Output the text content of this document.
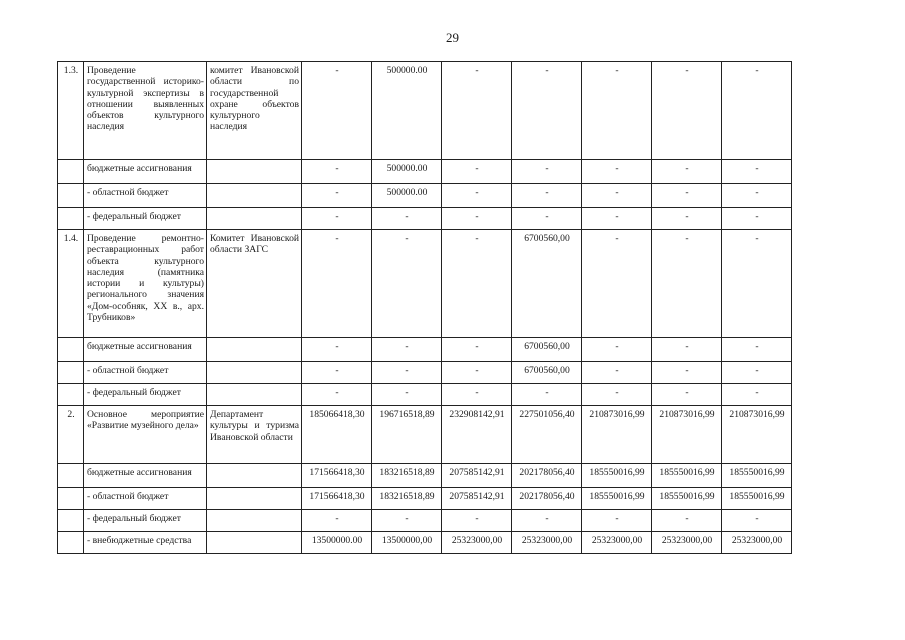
29
1.3.	Проведение государственной историко-культурной экспертизы в отношении выявленных объектов культурного наследия	комитет Ивановской области по государственной охране объектов культурного наследия	-	500000.00	-	-	-	-	-
	бюджетные ассигнования		-	500000.00	-	-	-	-	-
	- областной бюджет		-	500000.00	-	-	-	-	-
	- федеральный бюджет		-	-	-	-	-	-	-
1.4.	Проведение ремонтно-реставрационных работ объекта культурного наследия (памятника истории и культуры) регионального значения «Дом-особняк, XX в., арх. Трубников»	Комитет Ивановской области ЗАГС	-	-	-	6700560,00	-	-	-
	бюджетные ассигнования		-	-	-	6700560,00	-	-	-
	- областной бюджет		-	-	-	6700560,00	-	-	-
	- федеральный бюджет		-	-	-	-	-	-	-
2.	Основное мероприятие «Развитие музейного дела»	Департамент культуры и туризма Ивановской области	185066418,30	196716518,89	232908142,91	227501056,40	210873016,99	210873016,99	210873016,99
	бюджетные ассигнования		171566418,30	183216518,89	207585142,91	202178056,40	185550016,99	185550016,99	185550016,99
	- областной бюджет		171566418,30	183216518,89	207585142,91	202178056,40	185550016,99	185550016,99	185550016,99
	- федеральный бюджет		-	-	-	-	-	-	-
	- внебюджетные средства		13500000.00	13500000,00	25323000,00	25323000,00	25323000,00	25323000,00	25323000,00
